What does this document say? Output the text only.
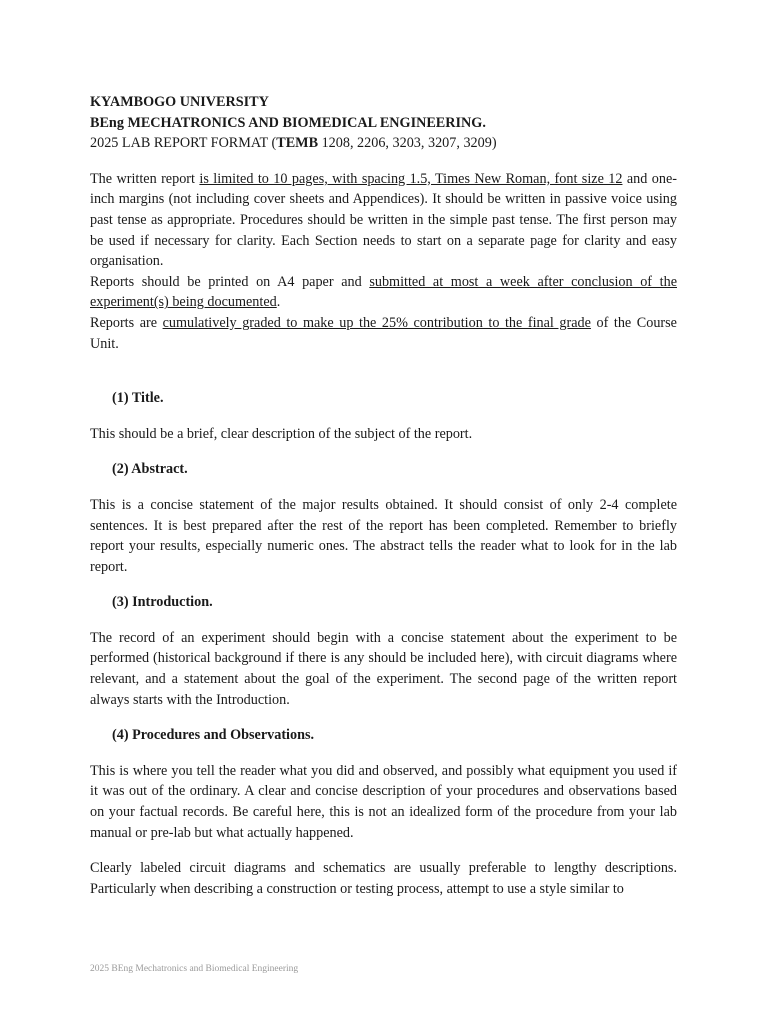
KYAMBOGO UNIVERSITY
BEng MECHATRONICS AND BIOMEDICAL ENGINEERING.
2025 LAB REPORT FORMAT (TEMB 1208, 2206, 3203, 3207, 3209)

The written report is limited to 10 pages, with spacing 1.5, Times New Roman, font size 12 and one-inch margins (not including cover sheets and Appendices). It should be written in passive voice using past tense as appropriate. Procedures should be written in the simple past tense. The first person may be used if necessary for clarity. Each Section needs to start on a separate page for clarity and easy organisation.

Reports should be printed on A4 paper and submitted at most a week after conclusion of the experiment(s) being documented.

Reports are cumulatively graded to make up the 25% contribution to the final grade of the Course Unit.

(1) Title.

This should be a brief, clear description of the subject of the report.

(2) Abstract.

This is a concise statement of the major results obtained. It should consist of only 2-4 complete sentences. It is best prepared after the rest of the report has been completed. Remember to briefly report your results, especially numeric ones. The abstract tells the reader what to look for in the lab report.

(3) Introduction.

The record of an experiment should begin with a concise statement about the experiment to be performed (historical background if there is any should be included here), with circuit diagrams where relevant, and a statement about the goal of the experiment. The second page of the written report always starts with the Introduction.

(4) Procedures and Observations.

This is where you tell the reader what you did and observed, and possibly what equipment you used if it was out of the ordinary. A clear and concise description of your procedures and observations based on your factual records. Be careful here, this is not an idealized form of the procedure from your lab manual or pre-lab but what actually happened.

Clearly labeled circuit diagrams and schematics are usually preferable to lengthy descriptions. Particularly when describing a construction or testing process, attempt to use a style similar to

2025 BEng Mechatronics and Biomedical Engineering
